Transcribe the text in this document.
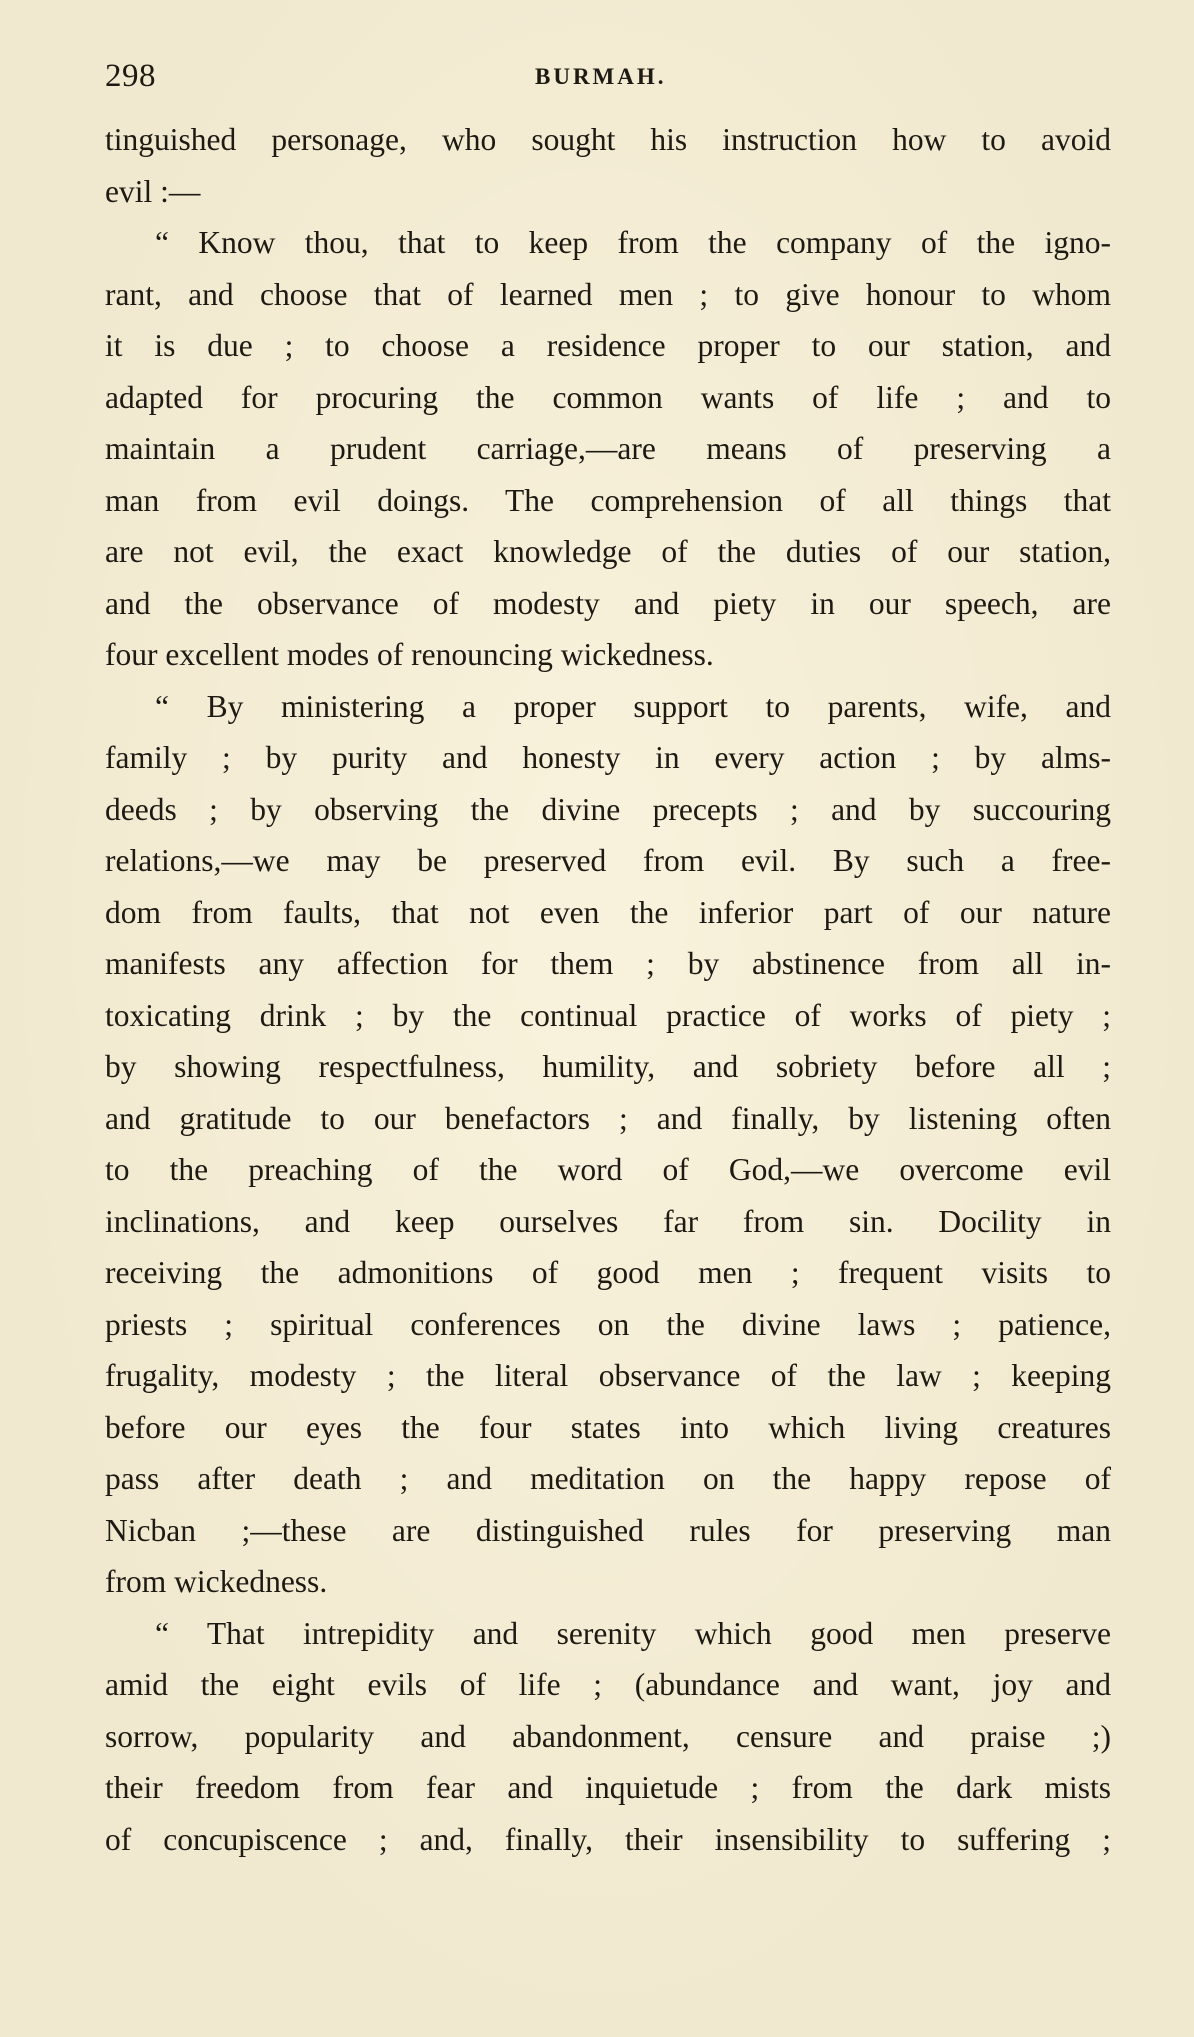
298	BURMAH.
tinguished personage, who sought his instruction how to avoid
evil :—
“ Know thou, that to keep from the company of the igno-
rant, and choose that of learned men ; to give honour to whom
it is due ; to choose a residence proper to our station, and
adapted for procuring the common wants of life ; and to
maintain a prudent carriage,—are means of preserving a
man from evil doings. The comprehension of all things that
are not evil, the exact knowledge of the duties of our station,
and the observance of modesty and piety in our speech, are
four excellent modes of renouncing wickedness.
“ By ministering a proper support to parents, wife, and
family ; by purity and honesty in every action ; by alms-
deeds ; by observing the divine precepts ; and by succouring
relations,—we may be preserved from evil. By such a free-
dom from faults, that not even the inferior part of our nature
manifests any affection for them ; by abstinence from all in-
toxicating drink ; by the continual practice of works of piety ;
by showing respectfulness, humility, and sobriety before all ;
and gratitude to our benefactors ; and finally, by listening often
to the preaching of the word of God,—we overcome evil
inclinations, and keep ourselves far from sin. Docility in
receiving the admonitions of good men ; frequent visits to
priests ; spiritual conferences on the divine laws ; patience,
frugality, modesty ; the literal observance of the law ; keeping
before our eyes the four states into which living creatures
pass after death ; and meditation on the happy repose of
Nicban ;—these are distinguished rules for preserving man
from wickedness.
“ That intrepidity and serenity which good men preserve
amid the eight evils of life ; (abundance and want, joy and
sorrow, popularity and abandonment, censure and praise ;)
their freedom from fear and inquietude ; from the dark mists
of concupiscence ; and, finally, their insensibility to suffering ;
